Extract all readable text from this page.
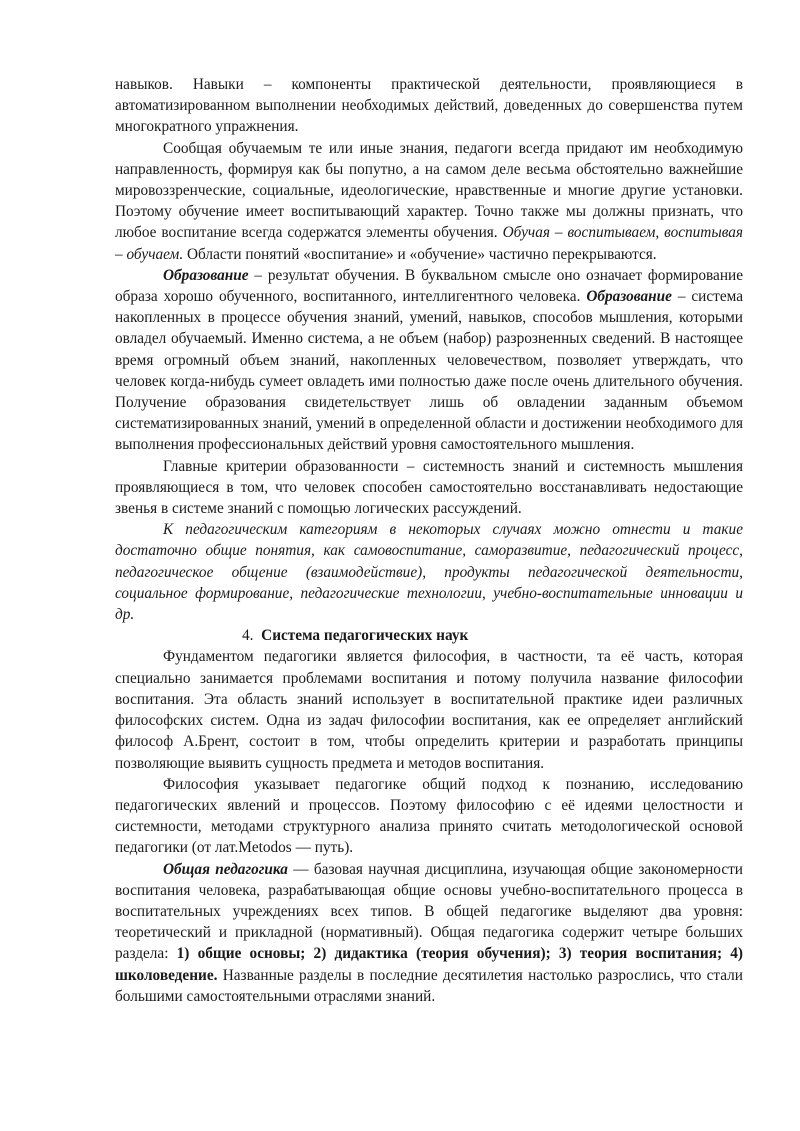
навыков. Навыки – компоненты практической деятельности, проявляющиеся в автоматизированном выполнении необходимых действий, доведенных до совершенства путем многократного упражнения.

Сообщая обучаемым те или иные знания, педагоги всегда придают им необходимую направленность, формируя как бы попутно, а на самом деле весьма обстоятельно важнейшие мировоззренческие, социальные, идеологические, нравственные и многие другие установки. Поэтому обучение имеет воспитывающий характер. Точно также мы должны признать, что любое воспитание всегда содержатся элементы обучения. Обучая – воспитываем, воспитывая – обучаем. Области понятий «воспитание» и «обучение» частично перекрываются.

Образование – результат обучения. В буквальном смысле оно означает формирование образа хорошо обученного, воспитанного, интеллигентного человека. Образование – система накопленных в процессе обучения знаний, умений, навыков, способов мышления, которыми овладел обучаемый. Именно система, а не объем (набор) разрозненных сведений. В настоящее время огромный объем знаний, накопленных человечеством, позволяет утверждать, что человек когда-нибудь сумеет овладеть ими полностью даже после очень длительного обучения. Получение образования свидетельствует лишь об овладении заданным объемом систематизированных знаний, умений в определенной области и достижении необходимого для выполнения профессиональных действий уровня самостоятельного мышления.

Главные критерии образованности – системность знаний и системность мышления проявляющиеся в том, что человек способен самостоятельно восстанавливать недостающие звенья в системе знаний с помощью логических рассуждений.

К педагогическим категориям в некоторых случаях можно отнести и такие достаточно общие понятия, как самовоспитание, саморазвитие, педагогический процесс, педагогическое общение (взаимодействие), продукты педагогической деятельности, социальное формирование, педагогические технологии, учебно-воспитательные инновации и др.

4. Система педагогических наук

Фундаментом педагогики является философия, в частности, та её часть, которая специально занимается проблемами воспитания и потому получила название философии воспитания. Эта область знаний использует в воспитательной практике идеи различных философских систем. Одна из задач философии воспитания, как ее определяет английский философ А.Брент, состоит в том, чтобы определить критерии и разработать принципы позволяющие выявить сущность предмета и методов воспитания.

Философия указывает педагогике общий подход к познанию, исследованию педагогических явлений и процессов. Поэтому философию с её идеями целостности и системности, методами структурного анализа принято считать методологической основой педагогики (от лат.Metodos — путь).

Общая педагогика — базовая научная дисциплина, изучающая общие закономерности воспитания человека, разрабатывающая общие основы учебно-воспитательного процесса в воспитательных учреждениях всех типов. В общей педагогике выделяют два уровня: теоретический и прикладной (нормативный). Общая педагогика содержит четыре больших раздела: 1) общие основы; 2) дидактика (теория обучения); 3) теория воспитания; 4) школоведение. Названные разделы в последние десятилетия настолько разрослись, что стали большими самостоятельными отраслями знаний.
